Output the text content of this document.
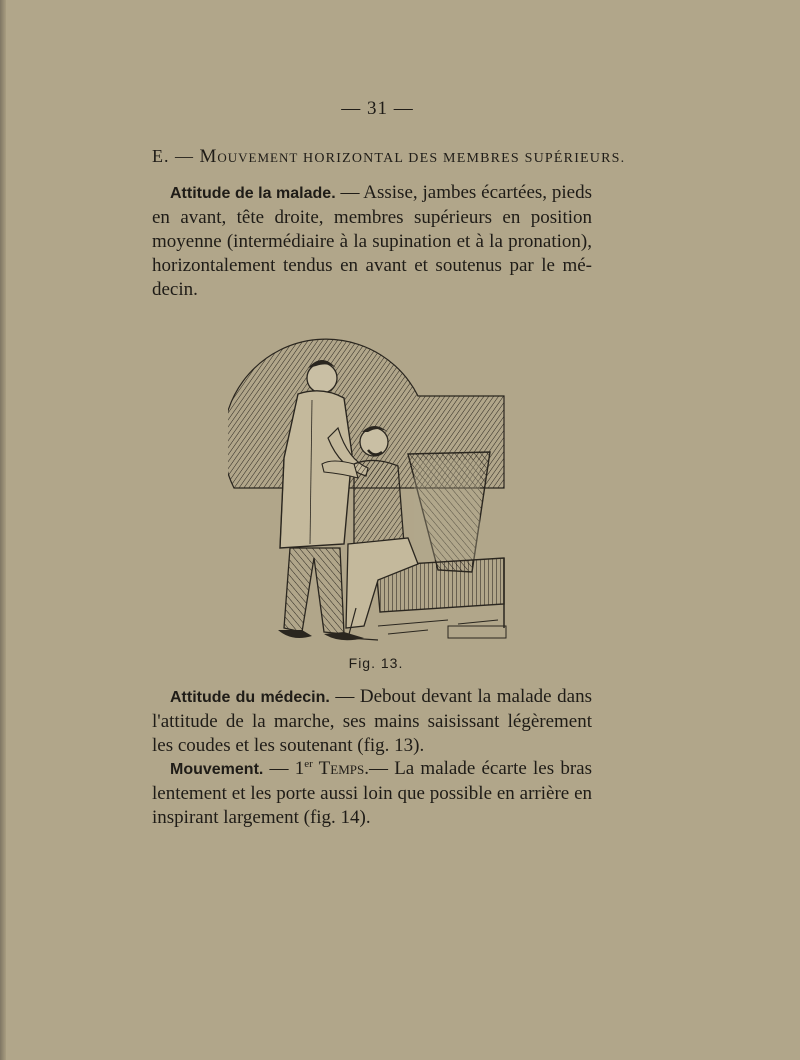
— 31 —
E. — Mouvement HORIZONTAL DES MEMBRES SUPÉRIEURS.
Attitude de la malade. — Assise, jambes écartées, pieds en avant, tête droite, membres supérieurs en position moyenne (intermédiaire à la supination et à la pronation), horizontalement tendus en avant et soutenus par le mé-decin.
Fig. 13.
Attitude du médecin. — Debout devant la malade dans l'attitude de la marche, ses mains saisissant légèrement les coudes et les soutenant (fig. 13).
Mouvement. — 1er Temps.— La malade écarte les bras lentement et les porte aussi loin que possible en arrière en inspirant largement (fig. 14).
